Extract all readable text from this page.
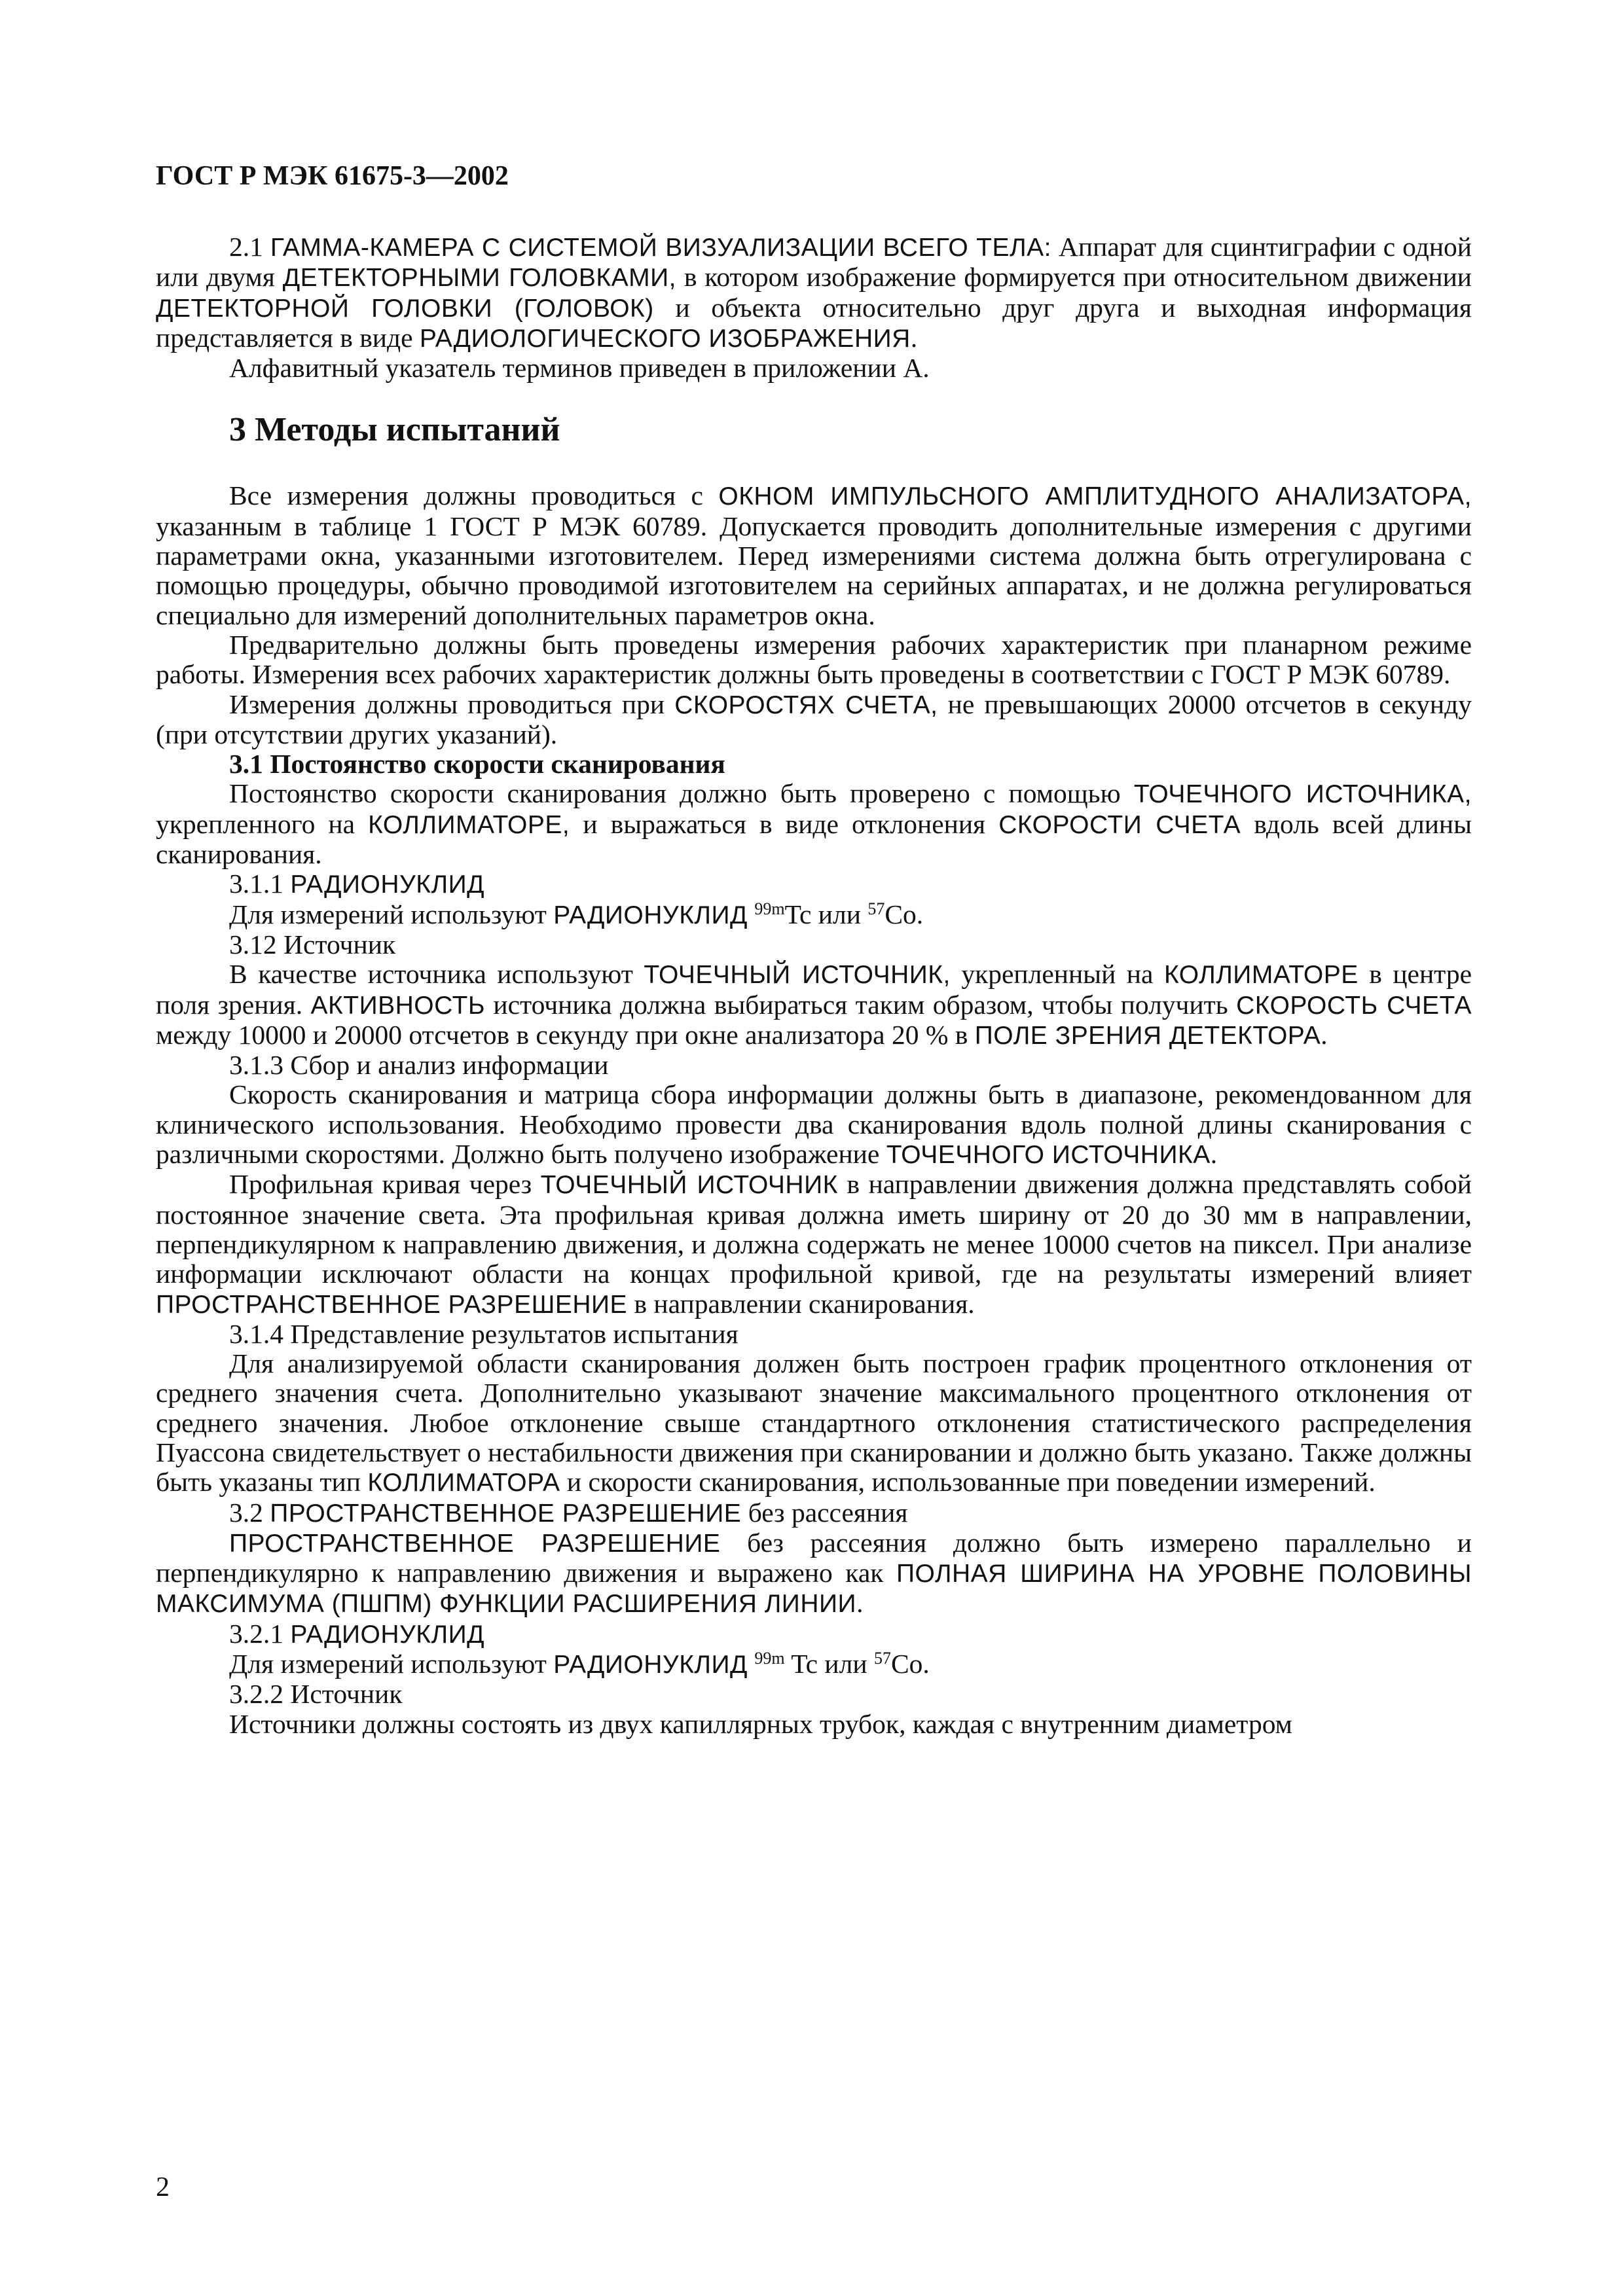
ГОСТ Р МЭК 61675-3—2002

2.1 ГАММА-КАМЕРА С СИСТЕМОЙ ВИЗУАЛИЗАЦИИ ВСЕГО ТЕЛА: Аппарат для сцинтиграфии с одной или двумя ДЕТЕКТОРНЫМИ ГОЛОВКАМИ, в котором изображение формируется при относительном движении ДЕТЕКТОРНОЙ ГОЛОВКИ (ГОЛОВОК) и объекта относительно друг друга и выходная информация представляется в виде РАДИОЛОГИЧЕСКОГО ИЗОБРАЖЕНИЯ.

Алфавитный указатель терминов приведен в приложении А.

3 Методы испытаний

Все измерения должны проводиться с ОКНОМ ИМПУЛЬСНОГО АМПЛИТУДНОГО АНАЛИЗАТОРА, указанным в таблице 1 ГОСТ Р МЭК 60789. Допускается проводить дополнительные измерения с другими параметрами окна, указанными изготовителем. Перед измерениями система должна быть отрегулирована с помощью процедуры, обычно проводимой изготовителем на серийных аппаратах, и не должна регулироваться специально для измерений дополнительных параметров окна.

Предварительно должны быть проведены измерения рабочих характеристик при планарном режиме работы. Измерения всех рабочих характеристик должны быть проведены в соответствии с ГОСТ Р МЭК 60789.

Измерения должны проводиться при СКОРОСТЯХ СЧЕТА, не превышающих 20000 отсчетов в секунду (при отсутствии других указаний).

3.1 Постоянство скорости сканирования

Постоянство скорости сканирования должно быть проверено с помощью ТОЧЕЧНОГО ИСТОЧНИКА, укрепленного на КОЛЛИМАТОРЕ, и выражаться в виде отклонения СКОРОСТИ СЧЕТА вдоль всей длины сканирования.

3.1.1 РАДИОНУКЛИД

Для измерений используют РАДИОНУКЛИД $^{99m}$Tc или $^{57}$Co.

3.12 Источник

В качестве источника используют ТОЧЕЧНЫЙ ИСТОЧНИК, укрепленный на КОЛЛИМАТОРЕ в центре поля зрения. АКТИВНОСТЬ источника должна выбираться таким образом, чтобы получить СКОРОСТЬ СЧЕТА между 10000 и 20000 отсчетов в секунду при окне анализатора 20 % в ПОЛЕ ЗРЕНИЯ ДЕТЕКТОРА.

3.1.3 Сбор и анализ информации

Скорость сканирования и матрица сбора информации должны быть в диапазоне, рекомендованном для клинического использования. Необходимо провести два сканирования вдоль полной длины сканирования с различными скоростями. Должно быть получено изображение ТОЧЕЧНОГО ИСТОЧНИКА.

Профильная кривая через ТОЧЕЧНЫЙ ИСТОЧНИК в направлении движения должна представлять собой постоянное значение света. Эта профильная кривая должна иметь ширину от 20 до 30 мм в направлении, перпендикулярном к направлению движения, и должна содержать не менее 10000 счетов на пиксел. При анализе информации исключают области на концах профильной кривой, где на результаты измерений влияет ПРОСТРАНСТВЕННОЕ РАЗРЕШЕНИЕ в направлении сканирования.

3.1.4 Представление результатов испытания

Для анализируемой области сканирования должен быть построен график процентного отклонения от среднего значения счета. Дополнительно указывают значение максимального процентного отклонения от среднего значения. Любое отклонение свыше стандартного отклонения статистического распределения Пуассона свидетельствует о нестабильности движения при сканировании и должно быть указано. Также должны быть указаны тип КОЛЛИМАТОРА и скорости сканирования, использованные при поведении измерений.

3.2 ПРОСТРАНСТВЕННОЕ РАЗРЕШЕНИЕ без рассеяния

ПРОСТРАНСТВЕННОЕ РАЗРЕШЕНИЕ без рассеяния должно быть измерено параллельно и перпендикулярно к направлению движения и выражено как ПОЛНАЯ ШИРИНА НА УРОВНЕ ПОЛОВИНЫ МАКСИМУМА (ПШПМ) ФУНКЦИИ РАСШИРЕНИЯ ЛИНИИ.

3.2.1 РАДИОНУКЛИД

Для измерений используют РАДИОНУКЛИД $^{99m}$ Tc или $^{57}$Co.

3.2.2 Источник

Источники должны состоять из двух капиллярных трубок, каждая с внутренним диаметром

2
